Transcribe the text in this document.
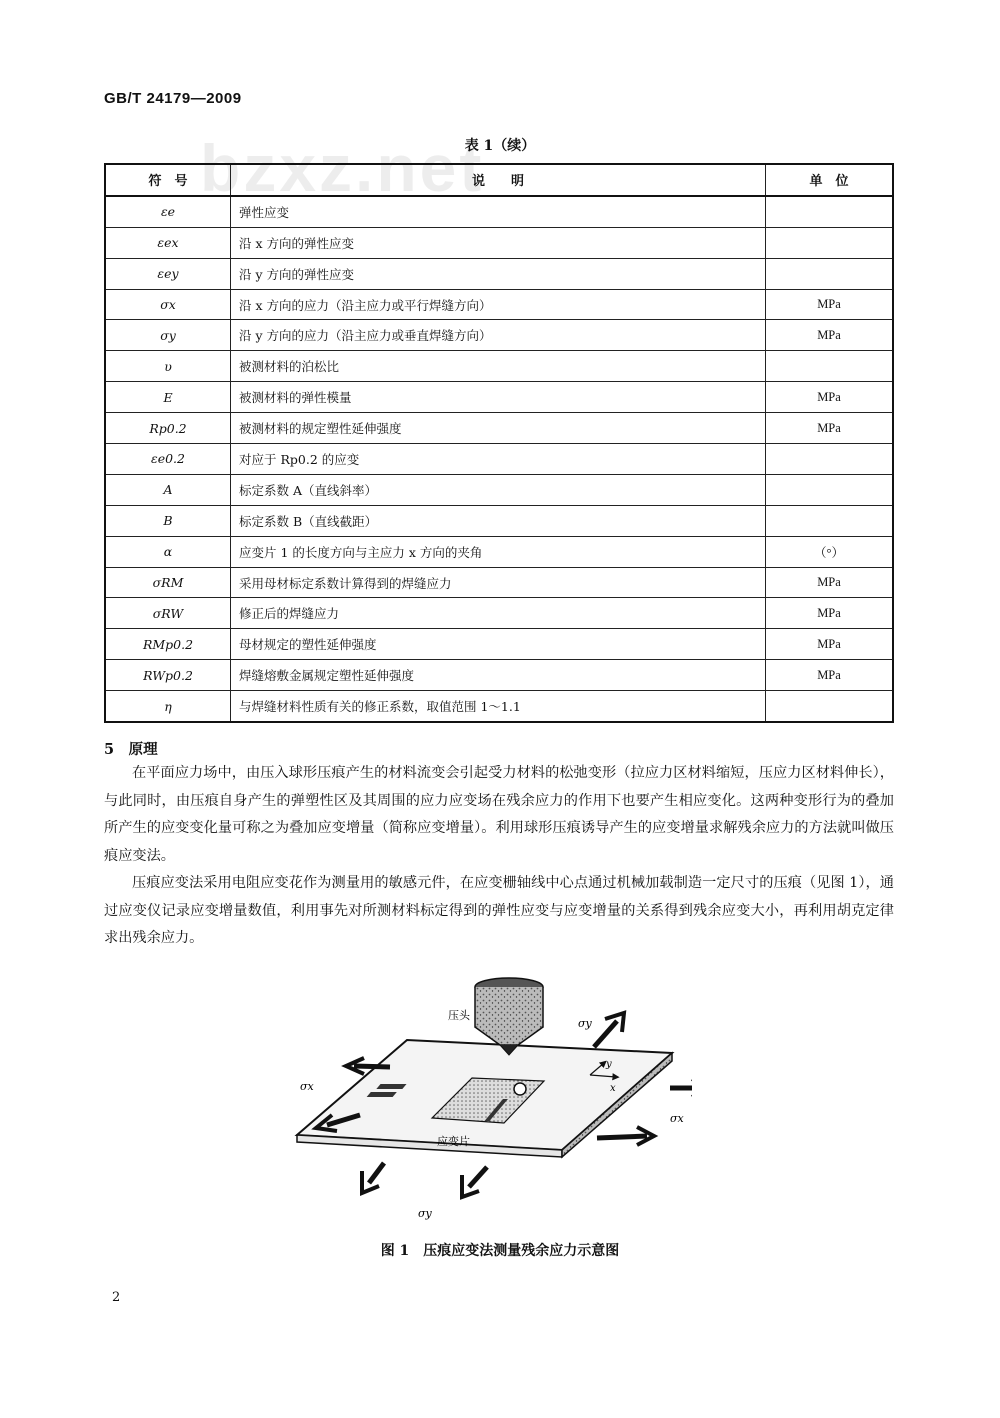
GB/T 24179—2009
bzxz.net
表 1（续）
符　号	说　　明	单　位
εe	弹性应变	
εex	沿 x 方向的弹性应变	
εey	沿 y 方向的弹性应变	
σx	沿 x 方向的应力（沿主应力或平行焊缝方向）	MPa
σy	沿 y 方向的应力（沿主应力或垂直焊缝方向）	MPa
υ	被测材料的泊松比	
E	被测材料的弹性模量	MPa
Rp0.2	被测材料的规定塑性延伸强度	MPa
εe0.2	对应于 Rp0.2 的应变	
A	标定系数 A（直线斜率）	
B	标定系数 B（直线截距）	
α	应变片 1 的长度方向与主应力 x 方向的夹角	（°）
σRM	采用母材标定系数计算得到的焊缝应力	MPa
σRW	修正后的焊缝应力	MPa
RMp0.2	母材规定的塑性延伸强度	MPa
RWp0.2	焊缝熔敷金属规定塑性延伸强度	MPa
η	与焊缝材料性质有关的修正系数，取值范围 1～1.1	
5　原理
在平面应力场中，由压入球形压痕产生的材料流变会引起受力材料的松弛变形（拉应力区材料缩短，压应力区材料伸长），与此同时，由压痕自身产生的弹塑性区及其周围的应力应变场在残余应力的作用下也要产生相应变化。这两种变形行为的叠加所产生的应变变化量可称之为叠加应变增量（简称应变增量）。利用球形压痕诱导产生的应变增量求解残余应力的方法就叫做压痕应变法。
压痕应变法采用电阻应变花作为测量用的敏感元件，在应变栅轴线中心点通过机械加载制造一定尺寸的压痕（见图 1），通过应变仪记录应变增量数值，利用事先对所测材料标定得到的弹性应变与应变增量的关系得到残余应变大小，再利用胡克定律求出残余应力。
压头
应变片
σy
σx
σx
σy
x
y
图 1　压痕应变法测量残余应力示意图
2
